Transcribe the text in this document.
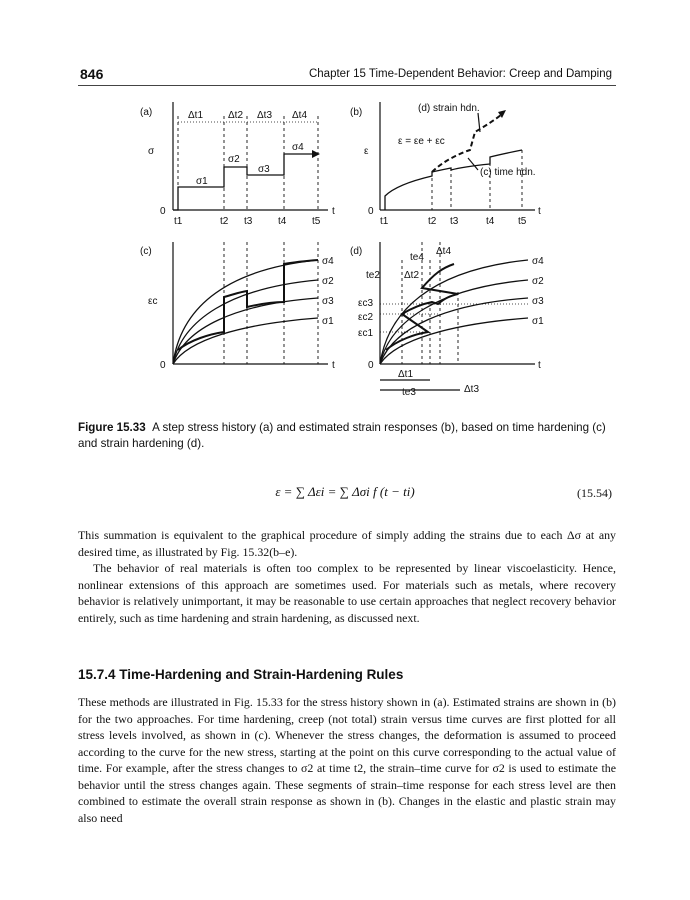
846	Chapter 15 Time-Dependent Behavior: Creep and Damping
(a)
σ
0	t
Δt1 Δt2 Δt3 Δt4
σ1
σ2
σ3
σ4
t1	t2 t3	t4	t5
(b)
ε
0	t
(d) strain hdn.
ε = εe + εc
(c) time hdn.
t1	t2 t3	t4 t5
(c)
εc
0	t
σ4
σ2
σ3
σ1
(d)
0	t
te4
Δt4
te2 Δt2
εc3
εc2
εc1
Δt1
te3	Δt3
σ4
σ2
σ3
σ1
Figure 15.33 A step stress history (a) and estimated strain responses (b), based on time hardening (c) and strain hardening (d).
ε = ∑ Δεi = ∑ Δσi f (t − ti)	(15.54)
This summation is equivalent to the graphical procedure of simply adding the strains due to each Δσ at any desired time, as illustrated by Fig. 15.32(b–e).
The behavior of real materials is often too complex to be represented by linear viscoelasticity. Hence, nonlinear extensions of this approach are sometimes used. For materials such as metals, where recovery behavior is relatively unimportant, it may be reasonable to use certain approaches that neglect recovery behavior entirely, such as time hardening and strain hardening, as discussed next.
15.7.4 Time-Hardening and Strain-Hardening Rules
These methods are illustrated in Fig. 15.33 for the stress history shown in (a). Estimated strains are shown in (b) for the two approaches. For time hardening, creep (not total) strain versus time curves are first plotted for all stress levels involved, as shown in (c). Whenever the stress changes, the deformation is assumed to proceed according to the curve for the new stress, starting at the point on this curve corresponding to the actual value of time. For example, after the stress changes to σ2 at time t2, the strain–time curve for σ2 is used to estimate the behavior until the stress changes again. These segments of strain–time response for each stress level are then combined to estimate the overall strain response as shown in (b). Changes in the elastic and plastic strain may also need
